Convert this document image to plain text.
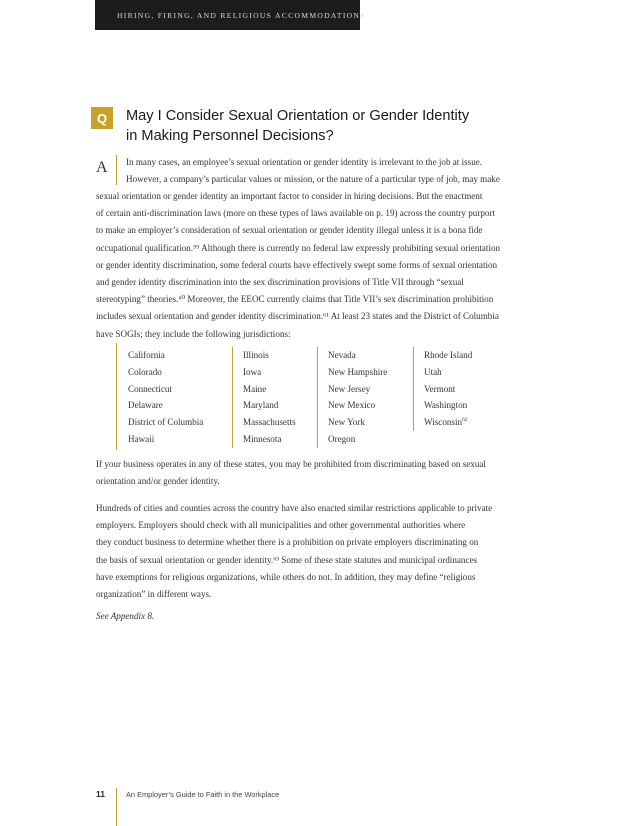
HIRING, FIRING, AND RELIGIOUS ACCOMMODATIONS
Q	May I Consider Sexual Orientation or Gender Identity
in Making Personnel Decisions?
A In many cases, an employee’s sexual orientation or gender identity is irrelevant to the job at issue.
However, a company’s particular values or mission, or the nature of a particular type of job, may make
sexual orientation or gender identity an important factor to consider in hiring decisions. But the enactment
of certain anti-discrimination laws (more on these types of laws available on p. 19) across the country purport
to make an employer’s consideration of sexual orientation or gender identity illegal unless it is a bona fide
occupational qualification.⁵⁹ Although there is currently no federal law expressly prohibiting sexual orientation
or gender identity discrimination, some federal courts have effectively swept some forms of sexual orientation
and gender identity discrimination into the sex discrimination provisions of Title VII through “sexual
stereotyping” theories.⁶⁰ Moreover, the EEOC currently claims that Title VII’s sex discrimination prohibition
includes sexual orientation and gender identity discrimination.⁶¹ At least 23 states and the District of Columbia
have SOGIs; they include the following jurisdictions:
California
Colorado
Connecticut
Delaware
District of Columbia
Hawaii
Illinois
Iowa
Maine
Maryland
Massachusetts
Minnesota
Nevada
New Hampshire
New Jersey
New Mexico
New York
Oregon
Rhode Island
Utah
Vermont
Washington
Wisconsin$^{62}$
If your business operates in any of these states, you may be prohibited from discriminating based on sexual
orientation and/or gender identity.
Hundreds of cities and counties across the country have also enacted similar restrictions applicable to private
employers. Employers should check with all municipalities and other governmental authorities where
they conduct business to determine whether there is a prohibition on private employers discriminating on
the basis of sexual orientation or gender identity.⁶³ Some of these state statutes and municipal ordinances
have exemptions for religious organizations, while others do not. In addition, they may define “religious
organization” in different ways.
See Appendix 8.
11	An Employer’s Guide to Faith in the Workplace
